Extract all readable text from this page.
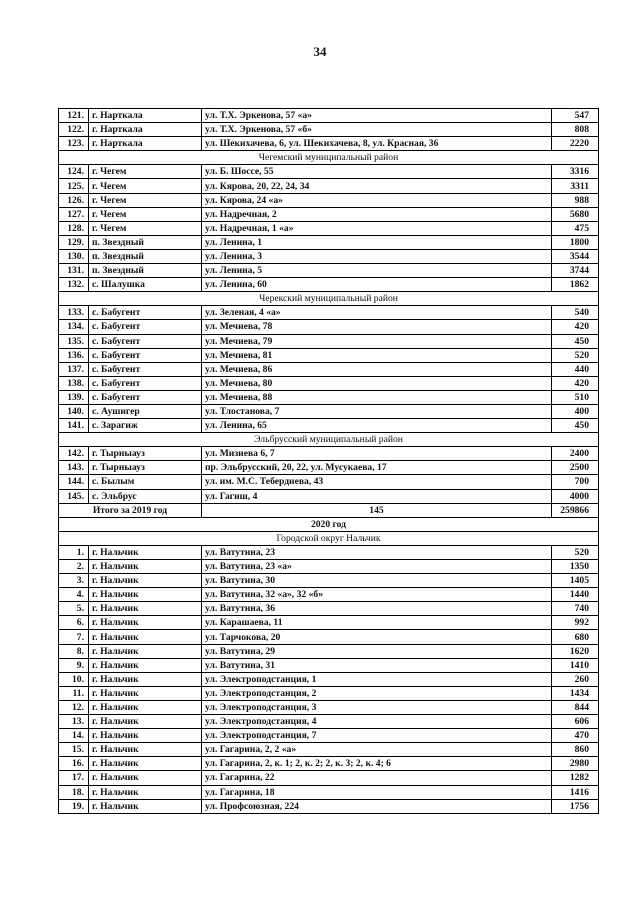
34
121.	г. Нарткала	ул. Т.Х. Эркенова, 57 «а»	547
122.	г. Нарткала	ул. Т.Х. Эркенова, 57 «б»	808
123.	г. Нарткала	ул. Шекихачева, 6, ул. Шекихачева, 8, ул. Красная, 36	2220
Чегемский муниципальный район			
124.	г. Чегем	ул. Б. Шоссе, 55	3316
125.	г. Чегем	ул. Кярова, 20, 22, 24, 34	3311
126.	г. Чегем	ул. Кярова, 24 «а»	988
127.	г. Чегем	ул. Надречная, 2	5680
128.	г. Чегем	ул. Надречная, 1 «а»	475
129.	п. Звездный	ул. Ленина, 1	1800
130.	п. Звездный	ул. Ленина, 3	3544
131.	п. Звездный	ул. Ленина, 5	3744
132.	с. Шалушка	ул. Ленина, 60	1862
Черекский муниципальный район			
133.	с. Бабугент	ул. Зеленая, 4 «а»	540
134.	с. Бабугент	ул. Мечиева, 78	420
135.	с. Бабугент	ул. Мечиева, 79	450
136.	с. Бабугент	ул. Мечиева, 81	520
137.	с. Бабугент	ул. Мечиева, 86	440
138.	с. Бабугент	ул. Мечиева, 80	420
139.	с. Бабугент	ул. Мечиева, 88	510
140.	с. Аушигер	ул. Тлостанова, 7	400
141.	с. Зарагиж	ул. Ленина, 65	450
Эльбрусский муниципальный район			
142.	г. Тырныауз	ул. Мизиева 6, 7	2400
143.	г. Тырныауз	пр. Эльбрусский, 20, 22, ул. Мусукаева, 17	2500
144.	с. Былым	ул. им. М.С. Тебердиева, 43	700
145.	с. Эльбрус	ул. Гагиш, 4	4000
Итого за 2019 год		145	259866
2020 год			
Городской округ Нальчик			
1.	г. Нальчик	ул. Ватутина, 23	520
2.	г. Нальчик	ул. Ватутина, 23 «а»	1350
3.	г. Нальчик	ул. Ватутина, 30	1405
4.	г. Нальчик	ул. Ватутина, 32 «а», 32 «б»	1440
5.	г. Нальчик	ул. Ватутина, 36	740
6.	г. Нальчик	ул. Карашаева, 11	992
7.	г. Нальчик	ул. Тарчокова, 20	680
8.	г. Нальчик	ул. Ватутина, 29	1620
9.	г. Нальчик	ул. Ватутина, 31	1410
10.	г. Нальчик	ул. Электроподстанция, 1	260
11.	г. Нальчик	ул. Электроподстанция, 2	1434
12.	г. Нальчик	ул. Электроподстанция, 3	844
13.	г. Нальчик	ул. Электроподстанция, 4	606
14.	г. Нальчик	ул. Электроподстанция, 7	470
15.	г. Нальчик	ул. Гагарина, 2, 2 «а»	860
16.	г. Нальчик	ул. Гагарина, 2, к. 1; 2, к. 2; 2, к. 3; 2, к. 4; 6	2980
17.	г. Нальчик	ул. Гагарина, 22	1282
18.	г. Нальчик	ул. Гагарина, 18	1416
19.	г. Нальчик	ул. Профсоюзная, 224	1756
